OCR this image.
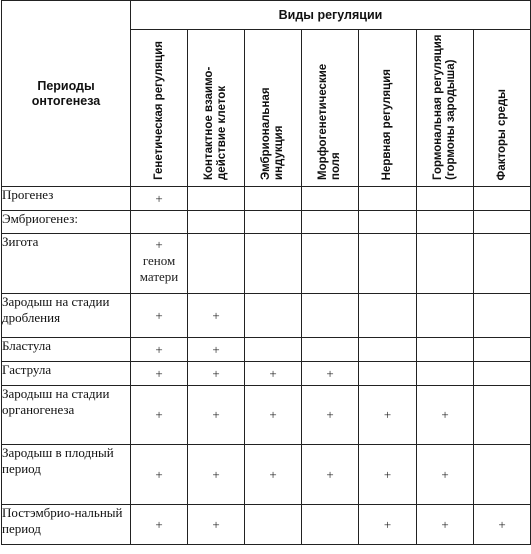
Периоды онтогенеза	Виды регуляции						

	Генетическая регуляция	Контактное взаимо-действие клеток	Эмбриональная индукция	Морфогенетические поля	Нервная регуляция	Гормональная регуляция (гормоны зародыша)	Факторы среды

Прогенез	+						
Эмбриогенез:							
Зигота	+
геном матери						

Зародыш на стадии дробления	+	+					
Бластула	+	+					
Гаструла	+	+	+	+			
Зародыш на стадии органогенеза	+	+	+	+	+	+	
Зародыш в плодный период	+	+	+	+	+	+	
Постэмбрио-нальный период	+	+			+	+	+
